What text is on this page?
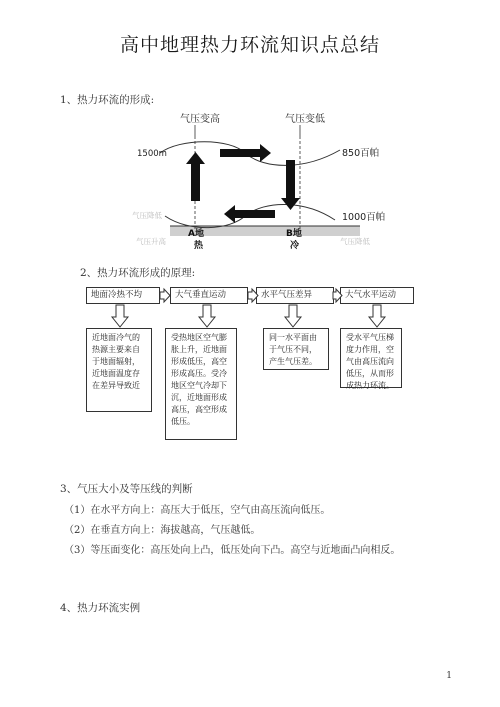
高中地理热力环流知识点总结
1、热力环流的形成:
气压变高	气压变低
1500m	850百帕
1000百帕
气压降低
气压升高	气压降低
A地
热
B地
冷
2、热力环流形成的原理:
地面冷热不均	大气垂直运动	水平气压差异	大气水平运动
近地面冷气的热源主要来自于地面辐射，近地面温度存在差异导致近
受热地区空气膨胀上升，近地面形成低压，高空形成高压。受冷地区空气冷却下沉，近地面形成高压，高空形成低压。
同一水平面由于气压不同，产生气压差。
受水平气压梯度力作用，空气由高压流向低压，从而形成热力环流。
3、气压大小及等压线的判断
（1）在水平方向上：高压大于低压，空气由高压流向低压。
（2）在垂直方向上：海拔越高，气压越低。
（3）等压面变化：高压处向上凸，低压处向下凸。高空与近地面凸向相反。
4、热力环流实例
1
